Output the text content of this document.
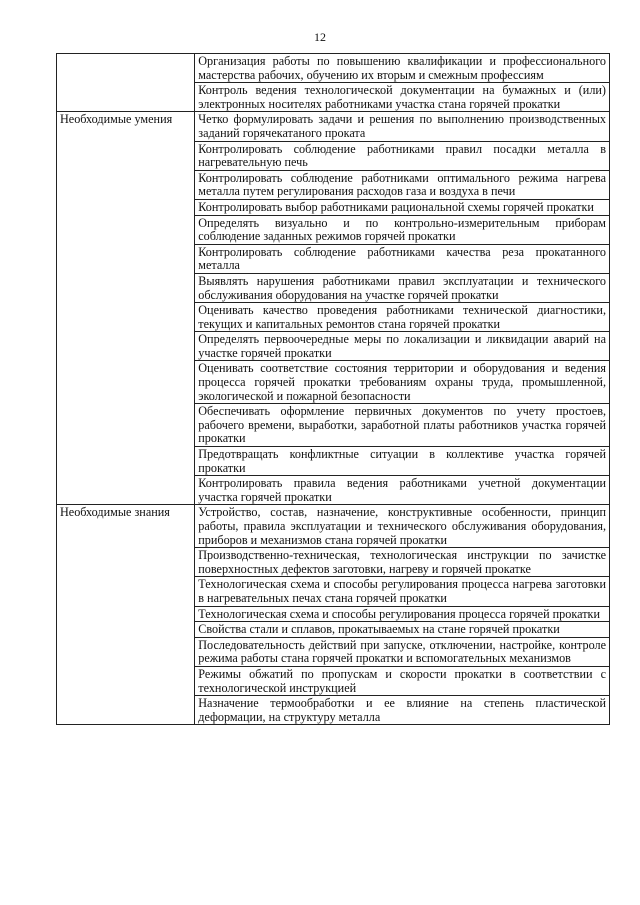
12
	Организация работы по повышению квалификации и профессионального мастерства рабочих, обучению их вторым и смежным профессиям
	Контроль ведения технологической документации на бумажных и (или) электронных носителях работниками участка стана горячей прокатки
Необходимые умения	Четко формулировать задачи и решения по выполнению производственных заданий горячекатаного проката
	Контролировать соблюдение работниками правил посадки металла в нагревательную печь
	Контролировать соблюдение работниками оптимального режима нагрева металла путем регулирования расходов газа и воздуха в печи
	Контролировать выбор работниками рациональной схемы горячей прокатки
	Определять визуально и по контрольно-измерительным приборам соблюдение заданных режимов горячей прокатки
	Контролировать соблюдение работниками качества реза прокатанного металла
	Выявлять нарушения работниками правил эксплуатации и технического обслуживания оборудования на участке горячей прокатки
	Оценивать качество проведения работниками технической диагностики, текущих и капитальных ремонтов стана горячей прокатки
	Определять первоочередные меры по локализации и ликвидации аварий на участке горячей прокатки
	Оценивать соответствие состояния территории и оборудования и ведения процесса горячей прокатки требованиям охраны труда, промышленной, экологической и пожарной безопасности
	Обеспечивать оформление первичных документов по учету простоев, рабочего времени, выработки, заработной платы работников участка горячей прокатки
	Предотвращать конфликтные ситуации в коллективе участка горячей прокатки
	Контролировать правила ведения работниками учетной документации участка горячей прокатки
Необходимые знания	Устройство, состав, назначение, конструктивные особенности, принцип работы, правила эксплуатации и технического обслуживания оборудования, приборов и механизмов стана горячей прокатки
	Производственно-техническая, технологическая инструкции по зачистке поверхностных дефектов заготовки, нагреву и горячей прокатке
	Технологическая схема и способы регулирования процесса нагрева заготовки в нагревательных печах стана горячей прокатки
	Технологическая схема и способы регулирования процесса горячей прокатки
	Свойства стали и сплавов, прокатываемых на стане горячей прокатки
	Последовательность действий при запуске, отключении, настройке, контроле режима работы стана горячей прокатки и вспомогательных механизмов
	Режимы обжатий по пропускам и скорости прокатки в соответствии с технологической инструкцией
	Назначение термообработки и ее влияние на степень пластической деформации, на структуру металла
